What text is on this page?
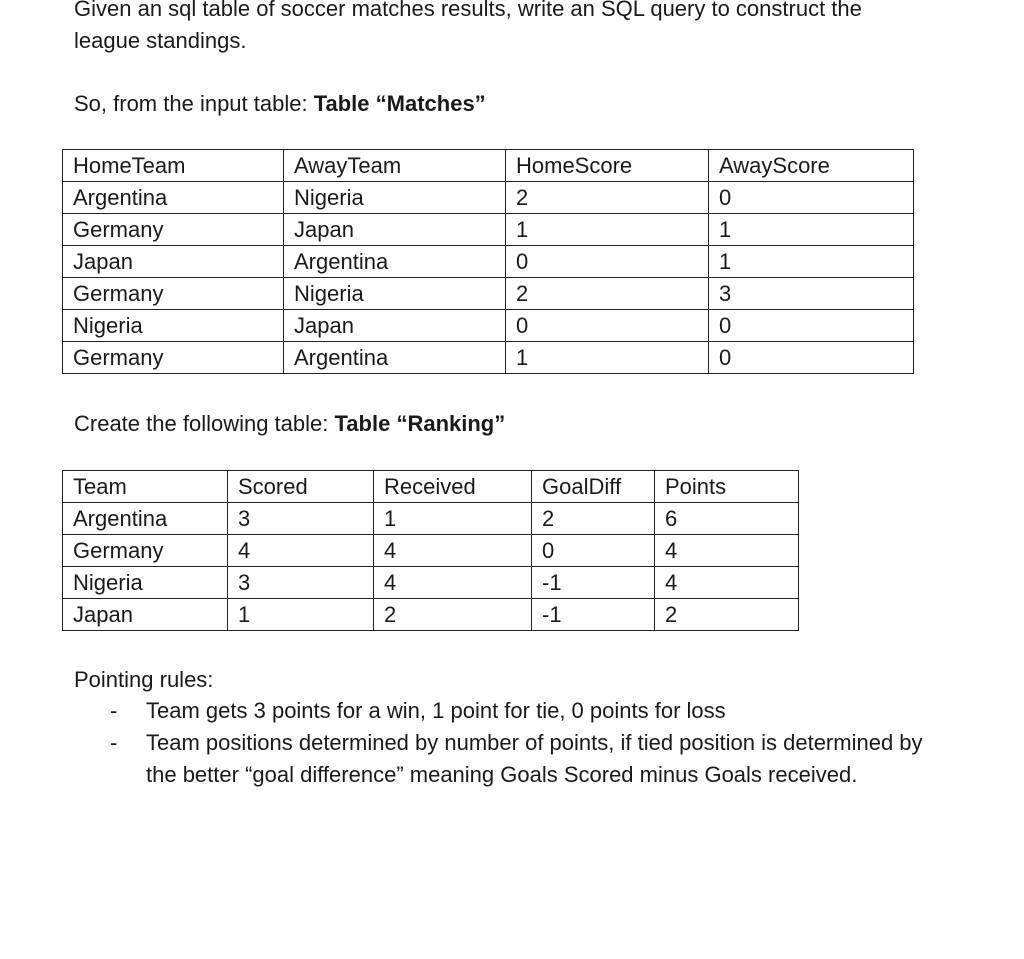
Given an sql table of soccer matches results, write an SQL query to construct the
league standings.

So, from the input table: Table “Matches”

HomeTeam	AwayTeam	HomeScore	AwayScore
Argentina	Nigeria	2	0
Germany	Japan	1	1
Japan	Argentina	0	1
Germany	Nigeria	2	3
Nigeria	Japan	0	0
Germany	Argentina	1	0

Create the following table: Table “Ranking”

Team	Scored	Received	GoalDiff	Points
Argentina	3	1	2	6
Germany	4	4	0	4
Nigeria	3	4	-1	4
Japan	1	2	-1	2

Pointing rules:

- Team gets 3 points for a win, 1 point for tie, 0 points for loss
- Team positions determined by number of points, if tied position is determined by the better “goal difference” meaning Goals Scored minus Goals received.
